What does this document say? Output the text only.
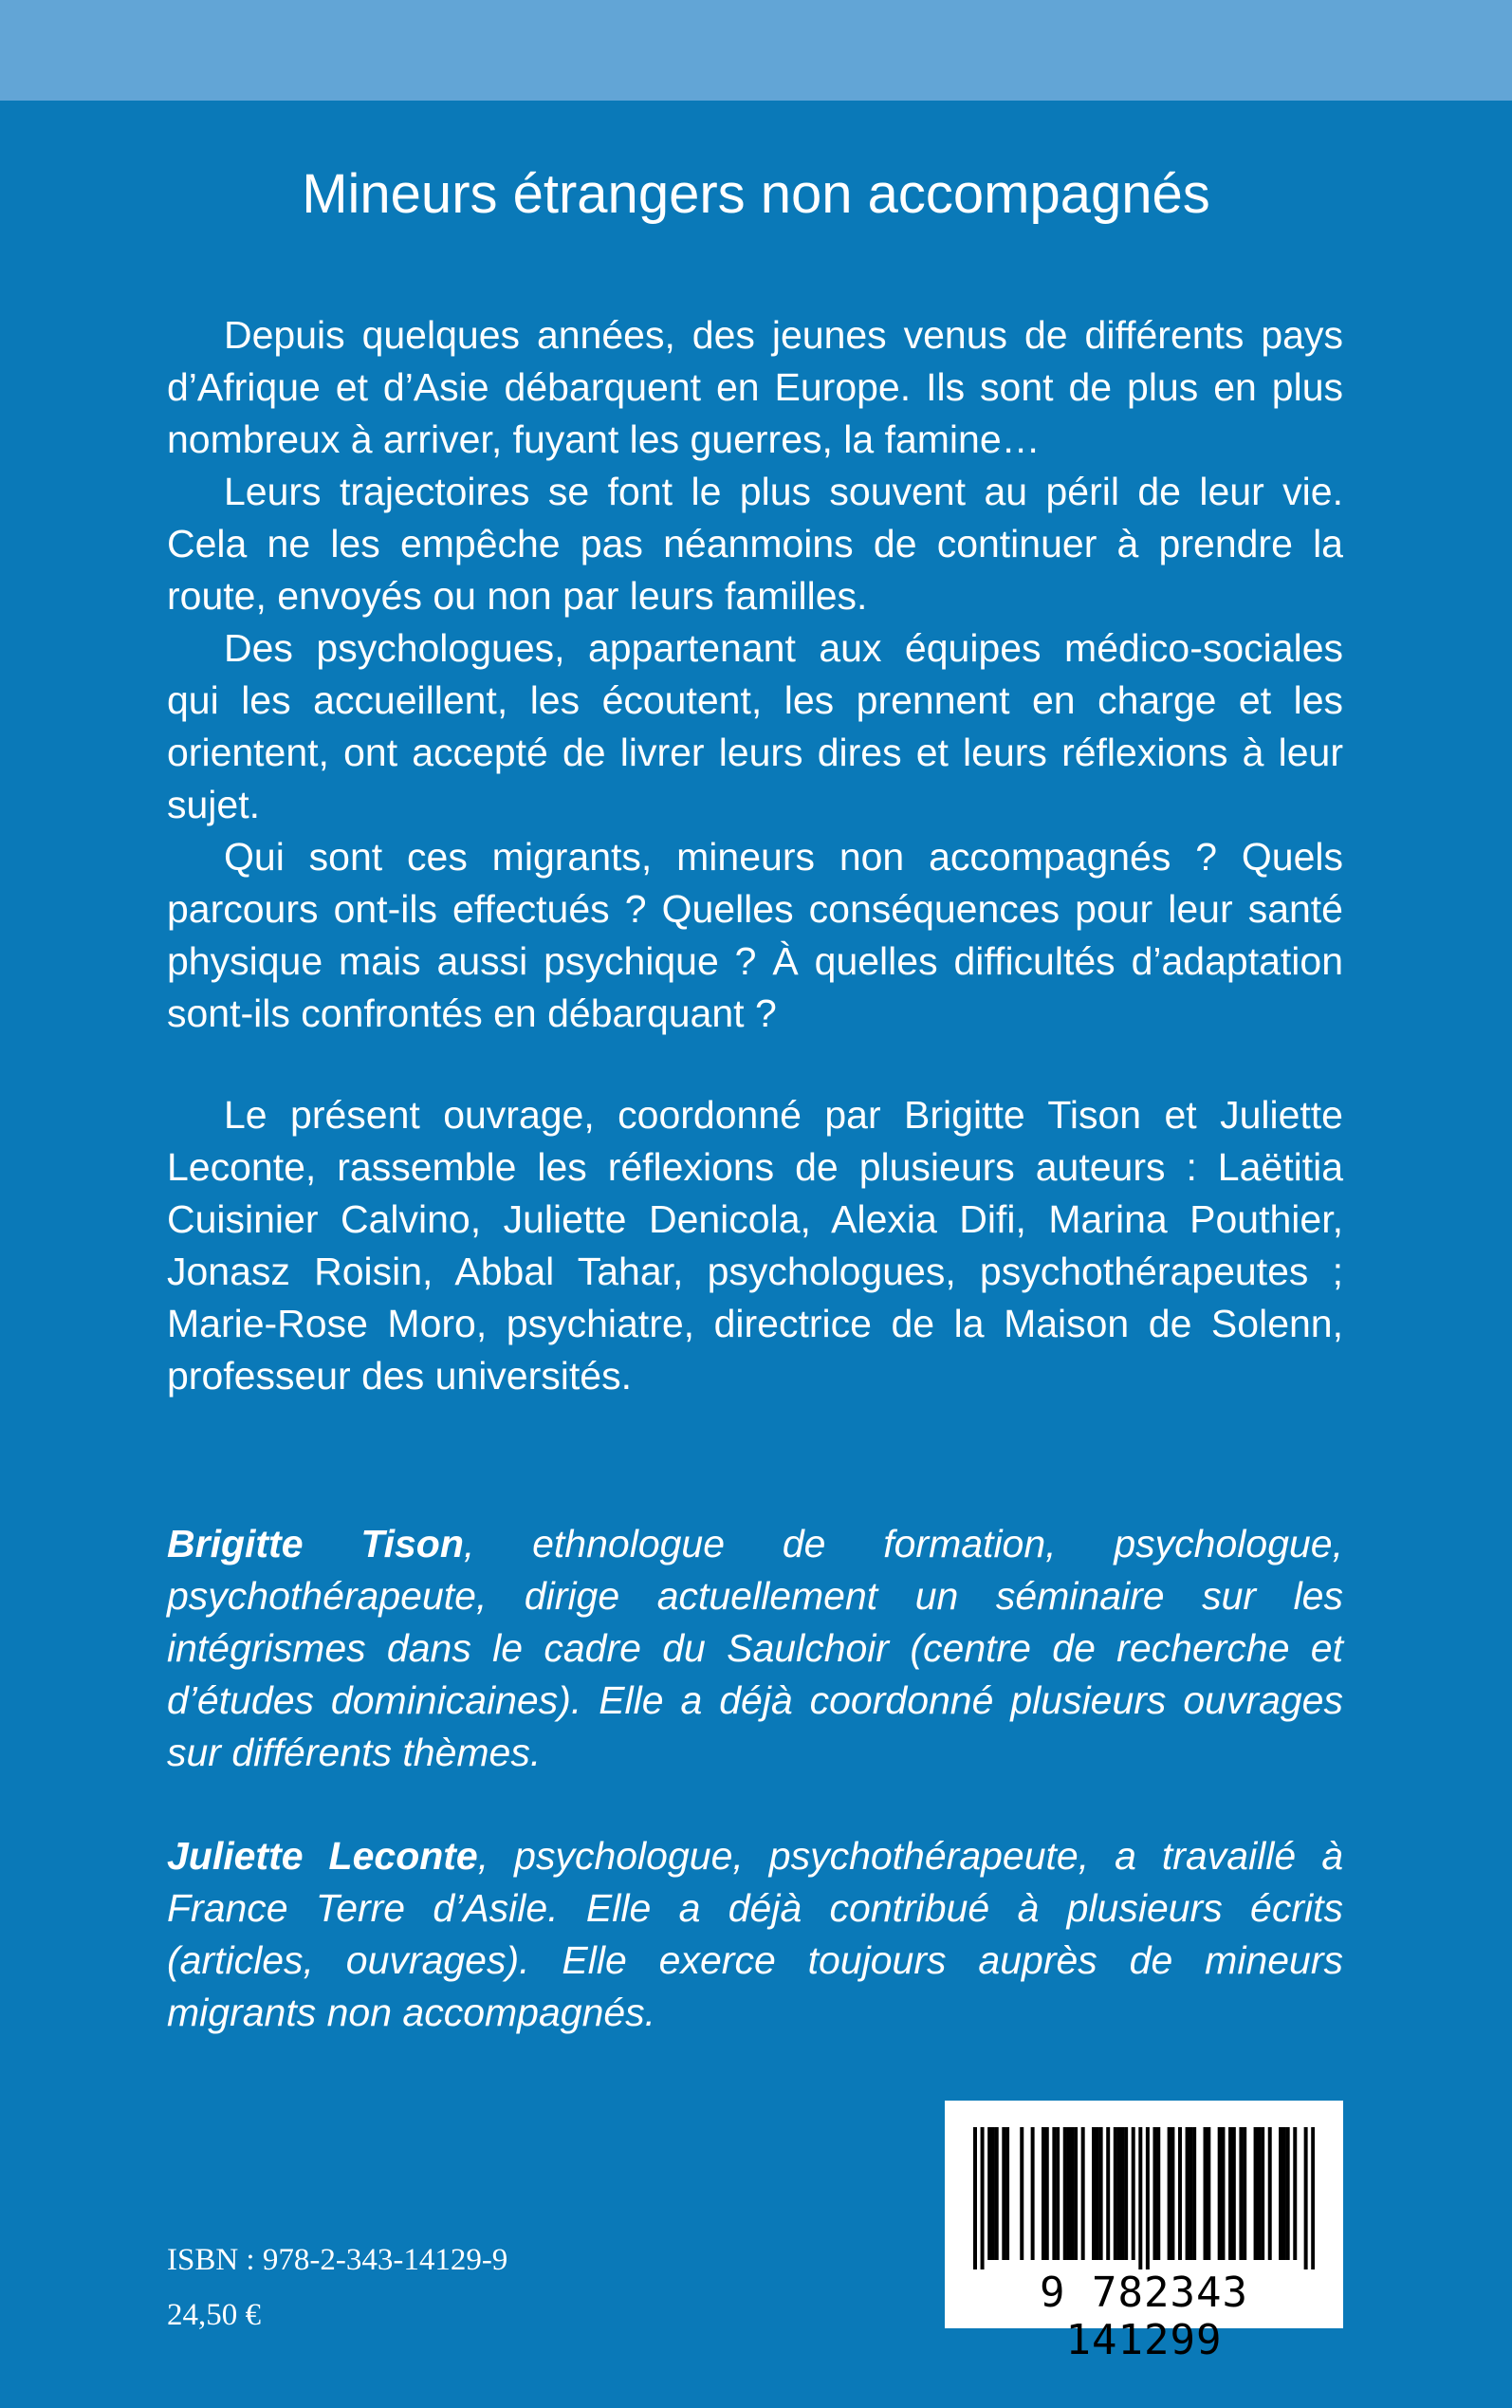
Mineurs étrangers non accompagnés

Depuis quelques années, des jeunes venus de différents pays d’Afrique et d’Asie débarquent en Europe. Ils sont de plus en plus nombreux à arriver, fuyant les guerres, la famine…

Leurs trajectoires se font le plus souvent au péril de leur vie. Cela ne les empêche pas néanmoins de continuer à prendre la route, envoyés ou non par leurs familles.

Des psychologues, appartenant aux équipes médico-sociales qui les accueillent, les écoutent, les prennent en charge et les orientent, ont accepté de livrer leurs dires et leurs réflexions à leur sujet.

Qui sont ces migrants, mineurs non accompagnés ? Quels parcours ont-ils effectués ? Quelles conséquences pour leur santé physique mais aussi psychique ? À quelles difficultés d’adaptation sont-ils confrontés en débarquant ?

Le présent ouvrage, coordonné par Brigitte Tison et Juliette Leconte, rassemble les réflexions de plusieurs auteurs : Laëtitia Cuisinier Calvino, Juliette Denicola, Alexia Difi, Marina Pouthier, Jonasz Roisin, Abbal Tahar, psychologues, psychothérapeutes ; Marie-Rose Moro, psychiatre, directrice de la Maison de Solenn, professeur des universités.

Brigitte Tison, ethnologue de formation, psychologue, psychothérapeute, dirige actuellement un séminaire sur les intégrismes dans le cadre du Saulchoir (centre de recherche et d’études dominicaines). Elle a déjà coordonné plusieurs ouvrages sur différents thèmes.

Juliette Leconte, psychologue, psychothérapeute, a travaillé à France Terre d’Asile. Elle a déjà contribué à plusieurs écrits (articles, ouvrages). Elle exerce toujours auprès de mineurs migrants non accompagnés.

ISBN : 978-2-343-14129-9
24,50 €	9 782343 141299
